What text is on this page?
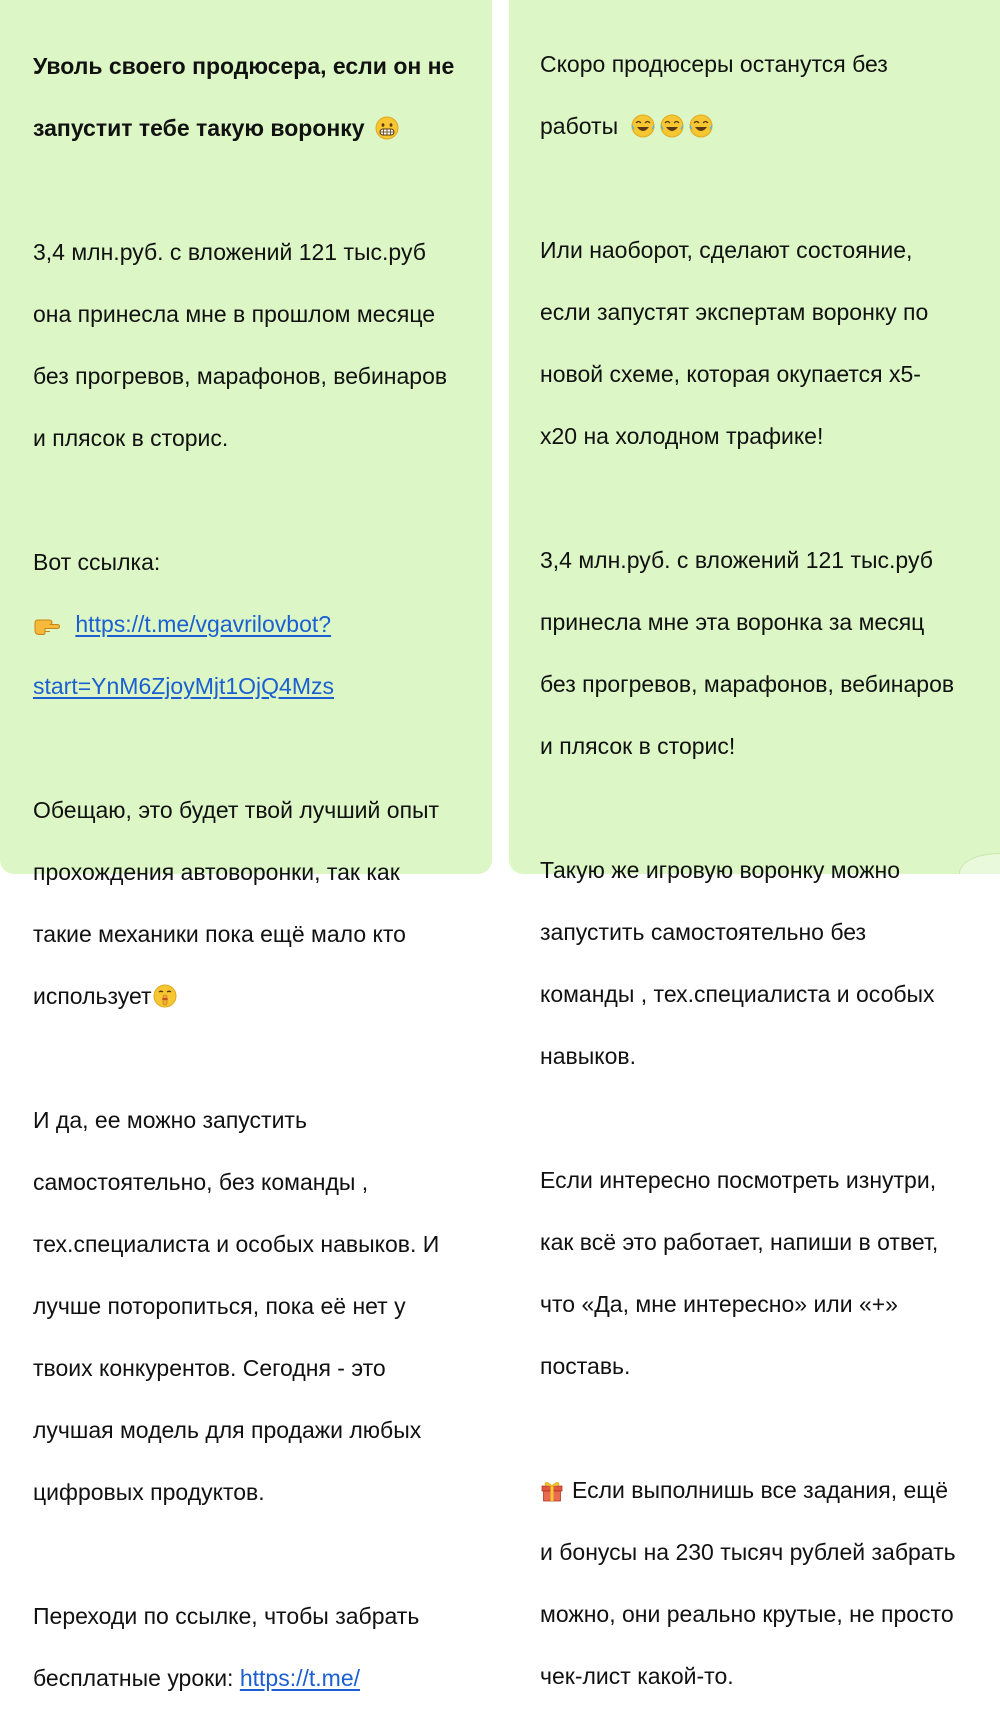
Уволь своего продюсера, если он не

запустит тебе такую воронку

3,4 млн.руб. с вложений 121 тыс.руб

она принесла мне в прошлом месяце

без прогревов, марафонов, вебинаров

и плясок в сторис.

Вот ссылка:

https://t.me/vgavrilovbot?

start=YnM6ZjoyMjt1OjQ4Mzs

Обещаю, это будет твой лучший опыт

прохождения автоворонки, так как

такие механики пока ещё мало кто

использует

И да, ее можно запустить

самостоятельно, без команды ,

тех.специалиста и особых навыков. И

лучше поторопиться, пока её нет у

твоих конкурентов. Сегодня - это

лучшая модель для продажи любых

цифровых продуктов.

Переходи по ссылке, чтобы забрать

бесплатные уроки: https://t.me/

Скоро продюсеры останутся без

работы

Или наоборот, сделают состояние,

если запустят экспертам воронку по

новой схеме, которая окупается x5-

x20 на холодном трафике!

3,4 млн.руб. с вложений 121 тыс.руб

принесла мне эта воронка за месяц

без прогревов, марафонов, вебинаров

и плясок в сторис!

Такую же игровую воронку можно

запустить самостоятельно без

команды , тех.специалиста и особых

навыков.

Если интересно посмотреть изнутри,

как всё это работает, напиши в ответ,

что «Да, мне интересно» или «+»

поставь.

Если выполнишь все задания, ещё

и бонусы на 230 тысяч рублей забрать

можно, они реально крутые, не просто

чек-лист какой-то.
